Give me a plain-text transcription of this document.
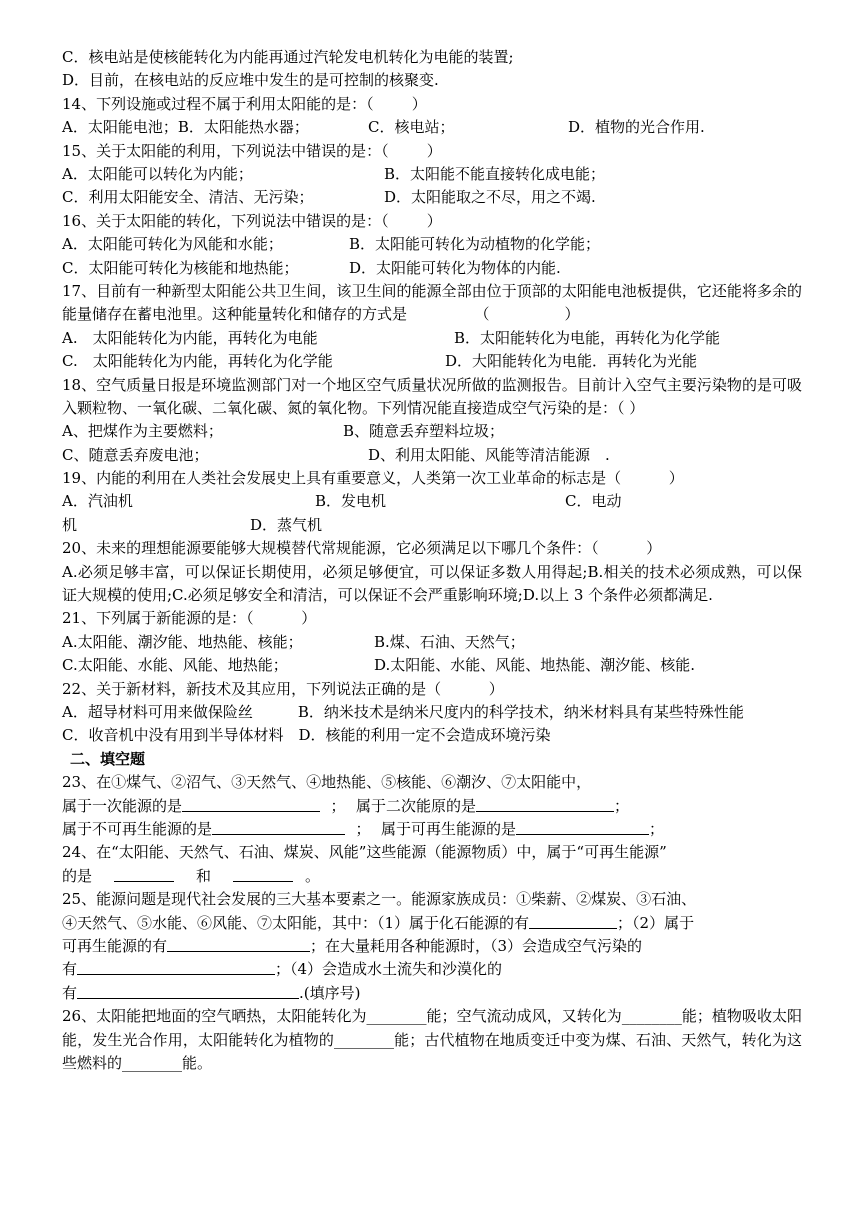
C．核电站是使核能转化为内能再通过汽轮发电机转化为电能的装置;
D．目前，在核电站的反应堆中发生的是可控制的核聚变.
14、下列设施或过程不属于利用太阳能的是：（        ）
A．太阳能电池；B．太阳能热水器；	C．核电站；	D．植物的光合作用.
15、关于太阳能的利用，下列说法中错误的是：（        ）
A．太阳能可以转化为内能；	B．太阳能不能直接转化成电能；
C．利用太阳能安全、清洁、无污染；	D．太阳能取之不尽，用之不竭.
16、关于太阳能的转化，下列说法中错误的是：（        ）
A．太阳能可转化为风能和水能；	B．太阳能可转化为动植物的化学能；
C．太阳能可转化为核能和地热能；	D．太阳能可转化为物体的内能.
17、目前有一种新型太阳能公共卫生间，该卫生间的能源全部由位于顶部的太阳能电池板提供，它还能将多余的能量储存在蓄电池里。这种能量转化和储存的方式是　　　　　（　　　　　）
A.　太阳能转化为内能，再转化为电能	B．太阳能转化为电能，再转化为化学能
C.　太阳能转化为内能，再转化为化学能	D．大阳能转化为电能．再转化为光能
18、空气质量日报是环境监测部门对一个地区空气质量状况所做的监测报告。目前计入空气主要污染物的是可吸入颗粒物、一氧化碳、二氧化碳、氮的氧化物。下列情况能直接造成空气污染的是：（ ）
A、把煤作为主要燃料；	B、随意丢弃塑料垃圾；
C、随意丢弃废电池；	D、利用太阳能、风能等清洁能源　.
19、内能的利用在人类社会发展史上具有重要意义，人类第一次工业革命的标志是（          ）
A．汽油机	B．发电机	C．电动
机	D．蒸气机
20、未来的理想能源要能够大规模替代常规能源，它必须满足以下哪几个条件：（          ）
A.必须足够丰富，可以保证长期使用，必须足够便宜，可以保证多数人用得起;B.相关的技术必须成熟，可以保证大规模的使用;C.必须足够安全和清洁，可以保证不会严重影响环境;D.以上 3 个条件必须都满足.
21、下列属于新能源的是：（          ）
A.太阳能、潮汐能、地热能、核能；	B.煤、石油、天然气；
C.太阳能、水能、风能、地热能；	D.太阳能、水能、风能、地热能、潮汐能、核能.
22、关于新材料，新技术及其应用，下列说法正确的是（          ）
A．超导材料可用来做保险丝　　　B．纳米技术是纳米尺度内的科学技术，纳米材料具有某些特殊性能
C．收音机中没有用到半导体材料　D．核能的利用一定不会造成环境污染
二、填空题
23、在①煤气、②沼气、③天然气、④地热能、⑤核能、⑥潮汐、⑦太阳能中，
属于一次能源的是	； 属于二次能原的是	；
属于不可再生能源的是	； 属于可再生能源的是	；
24、在“太阳能、天然气、石油、煤炭、风能”这些能源（能源物质）中，属于“可再生能源”
的是	和	。
25、能源问题是现代社会发展的三大基本要素之一。能源家族成员：①柴薪、②煤炭、③石油、
④天然气、⑤水能、⑥风能、⑦太阳能，其中：（1）属于化石能源的有	；（2）属于
可再生能源的有	；在大量耗用各种能源时，（3）会造成空气污染的
有	；（4）会造成水土流失和沙漠化的
有	.(填序号)
26、太阳能把地面的空气晒热，太阳能转化为________能；空气流动成风，又转化为________能；植物吸收太阳能，发生光合作用，太阳能转化为植物的________能；古代植物在地质变迁中变为煤、石油、天然气，转化为这些燃料的________能。
